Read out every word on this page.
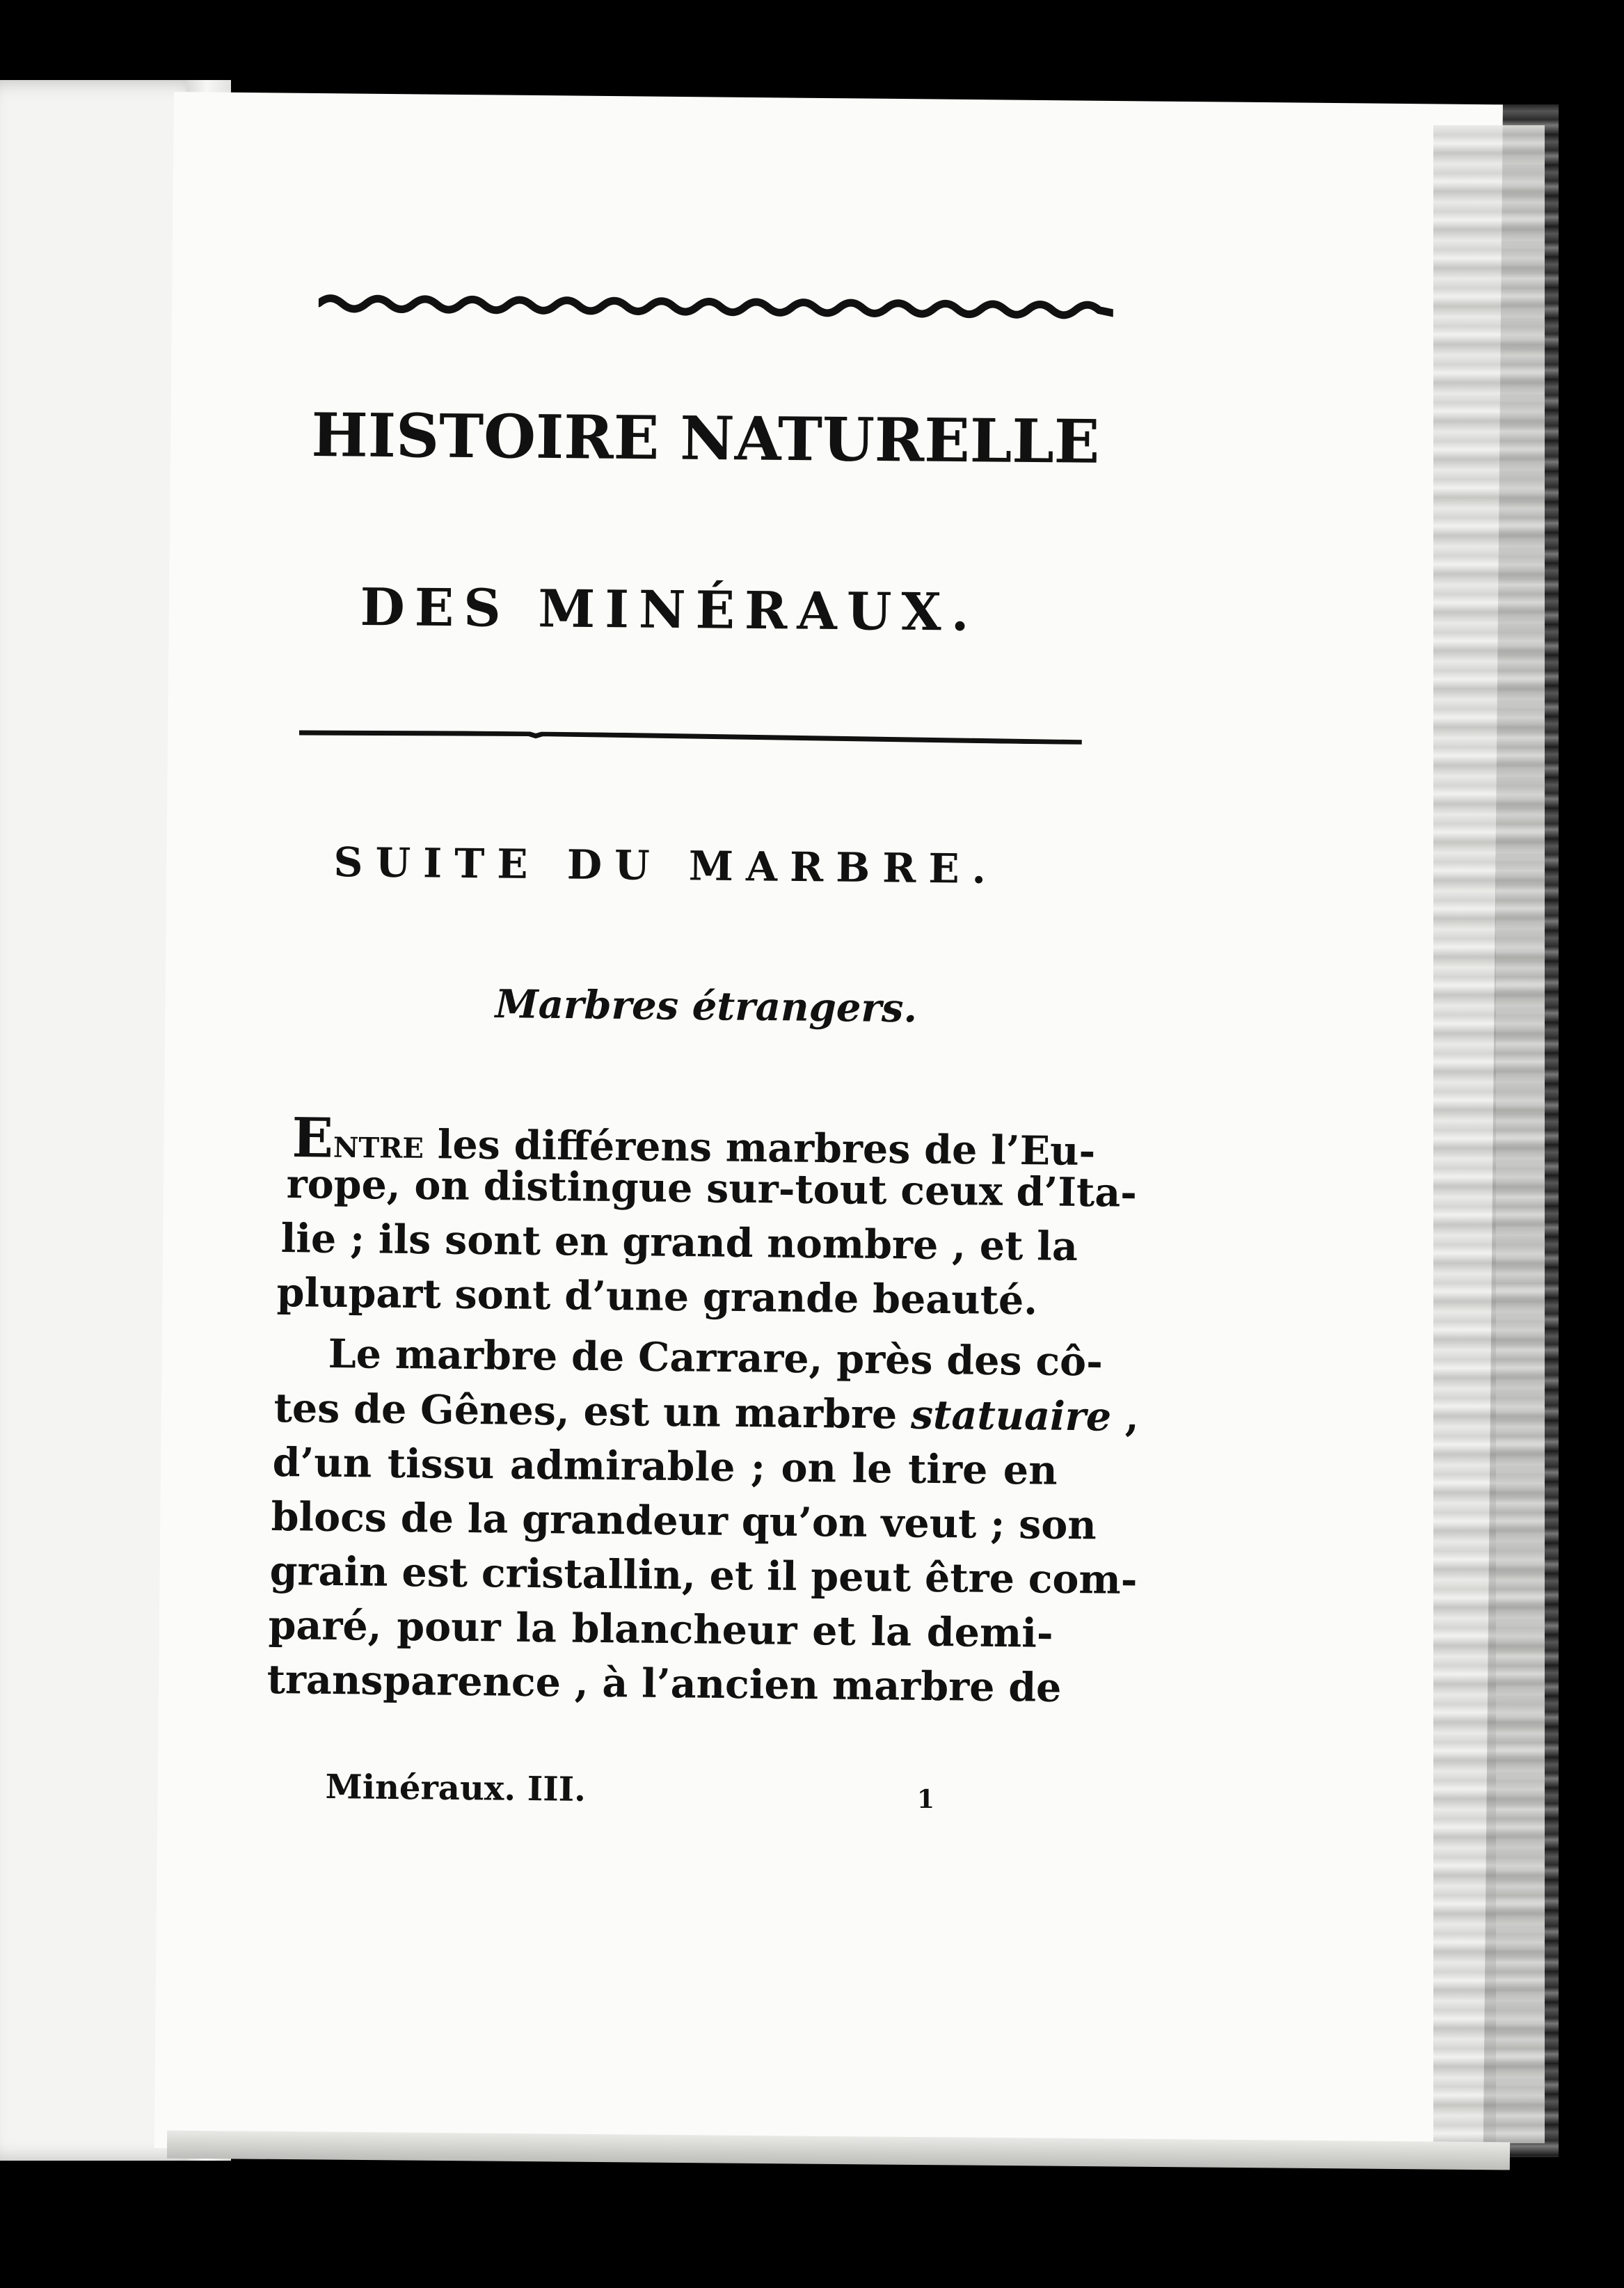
HISTOIRE NATURELLE
DES MINÉRAUX.
SUITE DU MARBRE.
Marbres étrangers.
Entre les différens marbres de l’Eu-
rope, on distingue sur-tout ceux d’Ita-
lie ; ils sont en grand nombre , et la
plupart sont d’une grande beauté.
Le marbre de Carrare, près des cô-
tes de Gênes, est un marbre statuaire ,
d’un tissu admirable ; on le tire en
blocs de la grandeur qu’on veut ; son
grain est cristallin, et il peut être com-
paré, pour la blancheur et la demi-
transparence , à l’ancien marbre de
Minéraux. III.	1
